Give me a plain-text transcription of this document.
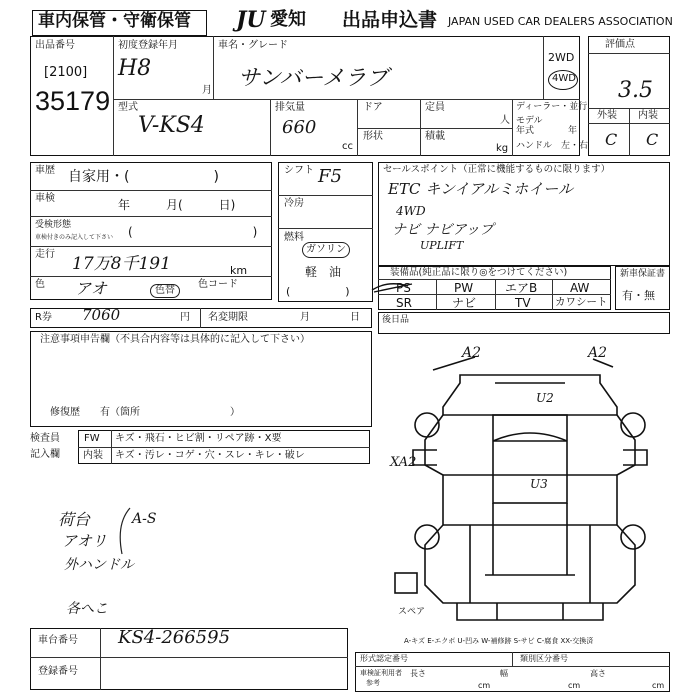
車内保管・守衛保管 JU 愛知 出品申込書 JAPAN USED CAR DEALERS ASSOCIATION
出品番号
[2100]
35179
初度登録年月
H8
月
車名・グレード
サンバーメラブ
2WD
4WD
型式
V-KS4
排気量
660
cc
ドア
形状
定員
人
積載
kg
ディーラー・並行
モデル
年式	年
ハンドル　左・右
評価点
3.5
外装 内装
C C
車歴 自家用・(　　　　　　)
車検	年　　　月(　　　日)
受検形態
車検付きのみ記入して下さい (　　　　　　　　　　)
走行 17万8千191	km
色 アオ	色替
色コード
R券 7060	円 名変期限	月	日
注意事項申告欄（不具合内容等は具体的に記入して下さい）
修復歴　　有（箇所　　　　　　　　　）
検査員
記入欄
FW キズ・飛石・ヒビ割・リペア跡・X要
内装 キズ・汚レ・コゲ・穴・スレ・キレ・破レ
荷台	A-S
アオリ
外ハンドル
各へこ
車台番号 KS4-266595
登録番号
シフト F5
冷房
燃料
ガソリン
軽　油
(　　　　　)
セールスポイント（正常に機能するものに限ります）
ETC キンイアルミホイール
4WD
ナビ ナビアップ
UPLIFT
装備品(純正品に限り◎をつけてください)
PS	PW	エアB	AW
SR	ナビ	TV カワシート
新車保証書
有・無
後日品
A2	A2
U2
U3
XA2
スペア
A-キズ E-エクボ U-凹み W-補修跡 S-サビ C-腐食 XX-交換済
形式認定番号	類別区分番号
車検証利用者
参考
長さ	幅	高さ
cm	cm	cm
